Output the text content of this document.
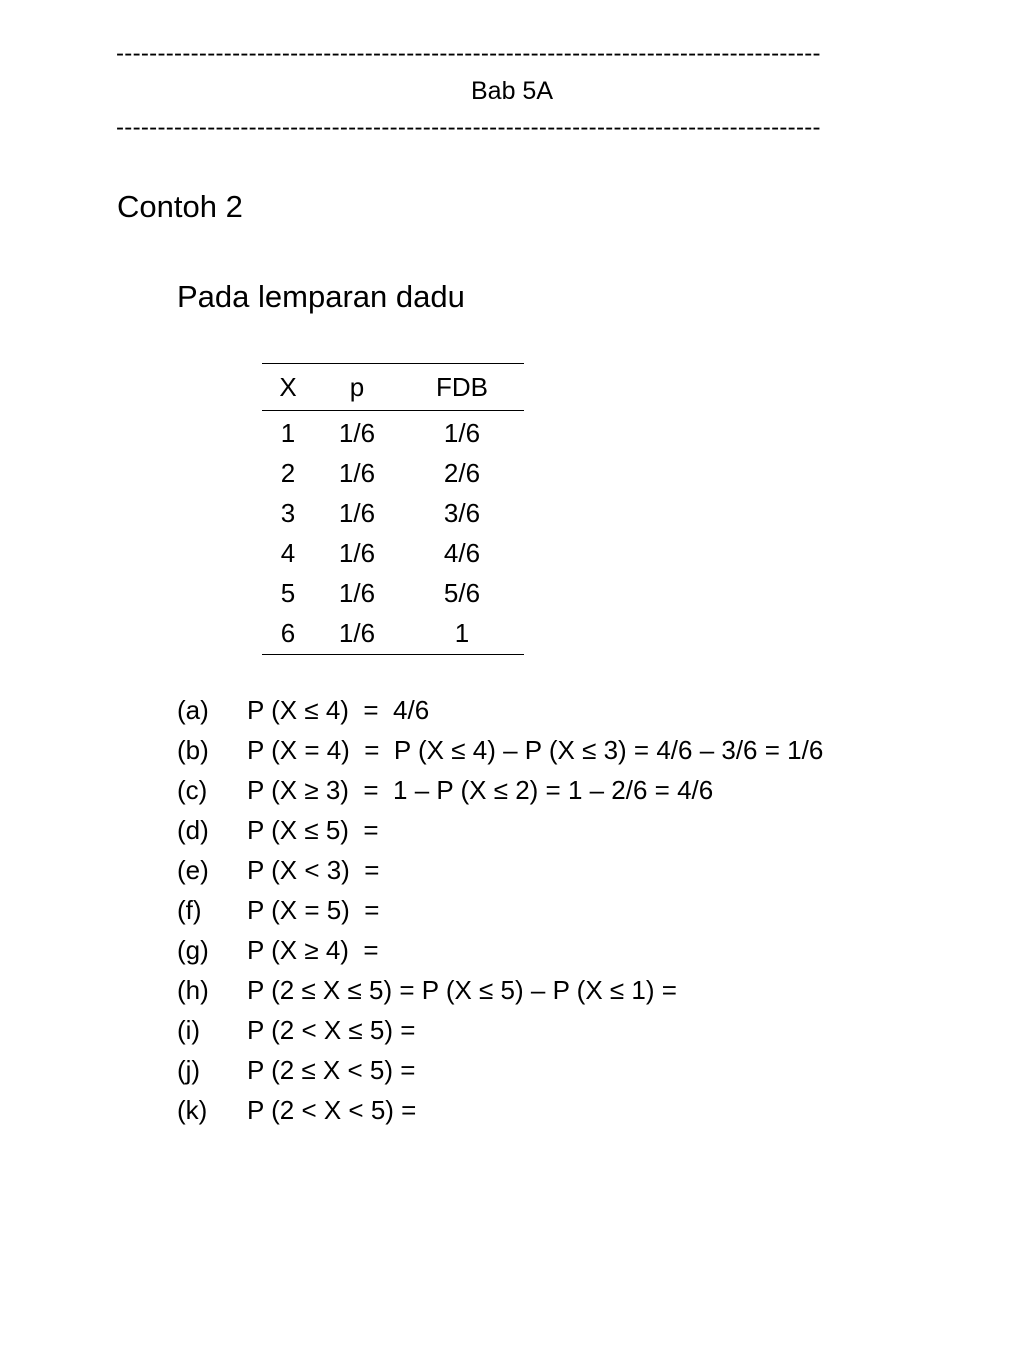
-------------------------------------------------------------------------------------
Bab 5A
-------------------------------------------------------------------------------------
Contoh 2
Pada lemparan dadu
X	p	FDB
1	1/6	1/6
2	1/6	2/6
3	1/6	3/6
4	1/6	4/6
5	1/6	5/6
6	1/6	1
(a)	P (X ≤ 4)  =  4/6
(b)	P (X = 4)  =  P (X ≤ 4) – P (X ≤ 3) = 4/6 – 3/6 = 1/6
(c)	P (X ≥ 3)  =  1 – P (X ≤ 2) = 1 – 2/6 = 4/6
(d)	P (X ≤ 5)  =
(e)	P (X < 3)  =
(f)	P (X = 5)  =
(g)	P (X ≥ 4)  =
(h)	P (2 ≤ X ≤ 5) = P (X ≤ 5) – P (X ≤ 1) =
(i)	P (2 < X ≤ 5) =
(j)	P (2 ≤ X < 5) =
(k)	P (2 < X < 5) =
